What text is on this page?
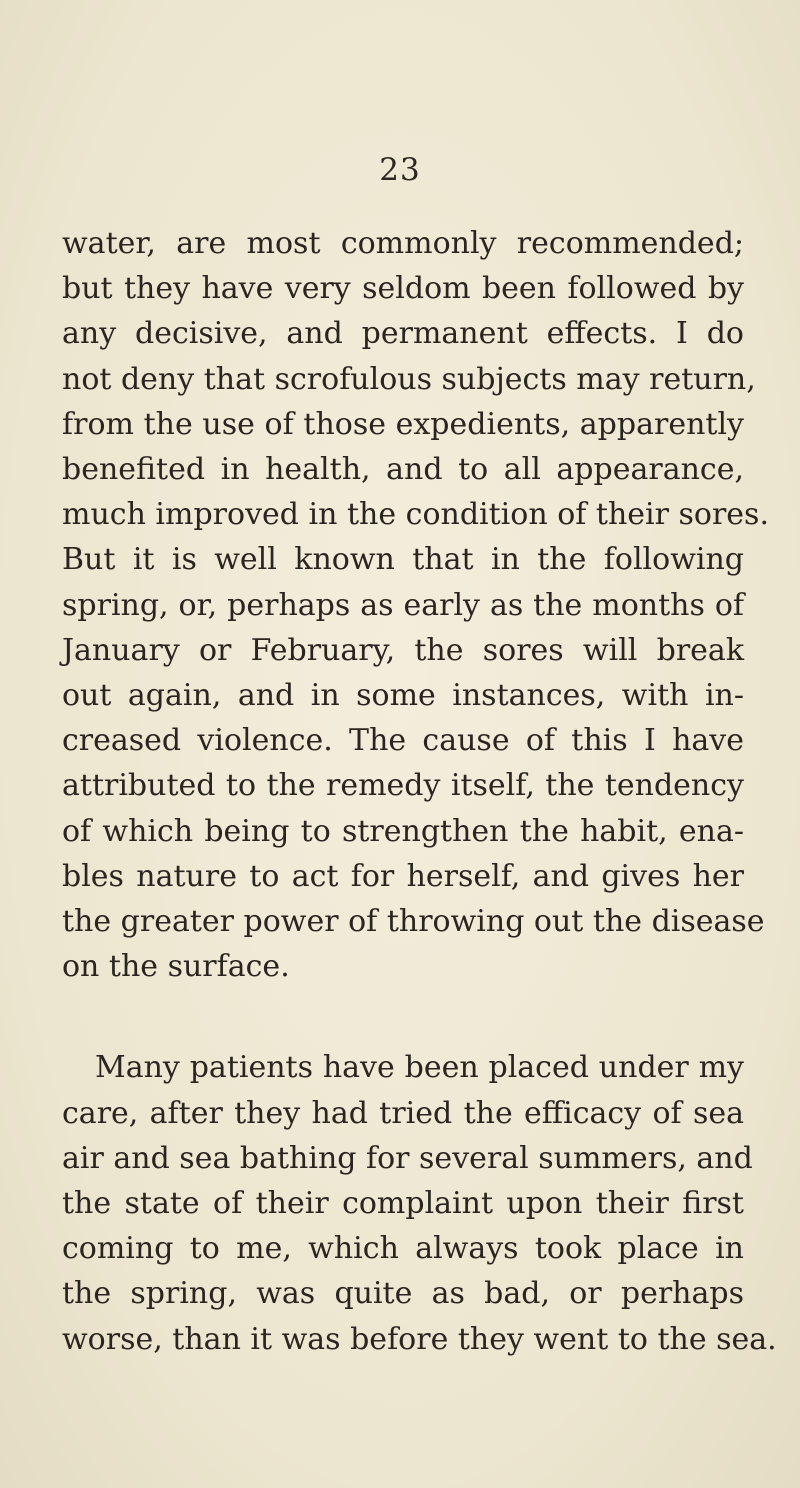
23
water, are most commonly recommended;
but they have very seldom been followed by
any decisive, and permanent effects. I do
not deny that scrofulous subjects may return,
from the use of those expedients, apparently
benefited in health, and to all appearance,
much improved in the condition of their sores.
But it is well known that in the following
spring, or, perhaps as early as the months of
January or February, the sores will break
out again, and in some instances, with in-
creased violence. The cause of this I have
attributed to the remedy itself, the tendency
of which being to strengthen the habit, ena-
bles nature to act for herself, and gives her
the greater power of throwing out the disease
on the surface.
Many patients have been placed under my
care, after they had tried the efficacy of sea
air and sea bathing for several summers, and
the state of their complaint upon their first
coming to me, which always took place in
the spring, was quite as bad, or perhaps
worse, than it was before they went to the sea.
